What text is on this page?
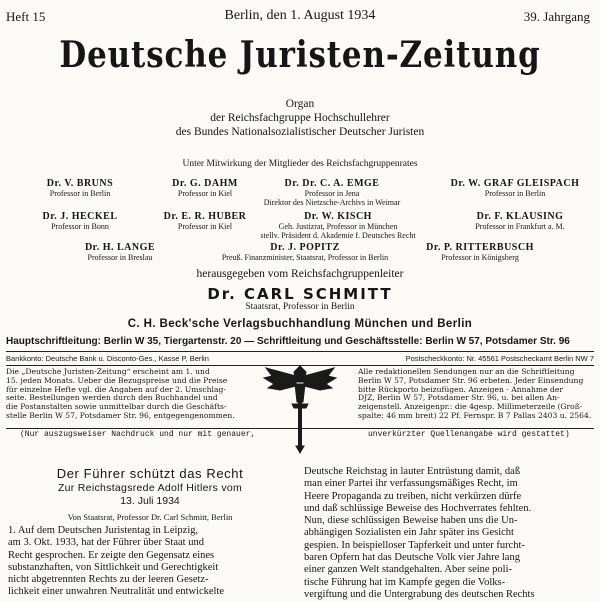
Heft 15	Berlin, den 1. August 1934	39. Jahrgang
Deutsche Juristen-Zeitung
Organ
der Reichsfachgruppe Hochschullehrer
des Bundes Nationalsozialistischer Deutscher Juristen
Unter Mitwirkung der Mitglieder des Reichsfachgruppenrates
Dr. V. BRUNS
Professor in Berlin
Dr. G. DAHM
Professor in Kiel
Dr. Dr. C. A. EMGE
Professor in Jena
Direktor des Nietzsche-Archivs in Weimar
Dr. W. GRAF GLEISPACH
Professor in Berlin
Dr. J. HECKEL
Professor in Bonn
Dr. E. R. HUBER
Professor in Kiel
Dr. W. KISCH
Geh. Justizrat, Professor in München
stellv. Präsident d. Akademie f. Deutsches Recht
Dr. F. KLAUSING
Professor in Frankfurt a. M.
Dr. H. LANGE
Professor in Breslau
Dr. J. POPITZ
Preuß. Finanzminister, Staatsrat, Professor in Berlin
Dr. P. RITTERBUSCH
Professor in Königsberg
herausgegeben vom Reichsfachgruppenleiter
Dr. CARL SCHMITT
Staatsrat, Professor in Berlin
C. H. Beck'sche Verlagsbuchhandlung München und Berlin
Hauptschriftleitung: Berlin W 35, Tiergartenstr. 20 — Schriftleitung und Geschäftsstelle: Berlin W 57, Potsdamer Str. 96
Bankkonto: Deutsche Bank u. Disconto-Ges., Kasse P, Berlin	Postscheckkonto: Nr. 45561 Postscheckamt Berlin NW 7
Die „Deutsche Juristen-Zeitung“ erscheint am 1. und
15. jeden Monats. Ueber die Bezugspreise und die Preise
für einzelne Hefte vgl. die Angaben auf der 2. Umschlag-
seite. Bestellungen werden durch den Buchhandel und
die Postanstalten sowie unmittelbar durch die Geschäfts-
stelle Berlin W 57, Potsdamer Str. 96, entgegengenommen.
Alle redaktionellen Sendungen nur an die Schriftleitung
Berlin W 57, Potsdamer Str. 96 erbeten. Jeder Einsendung
bitte Rückporto beizufügen. Anzeigen - Annahme der
DJZ, Berlin W 57, Potsdamer Str. 96, u. bei allen An-
zeigenstell. Anzeigenpr.: die 4gesp. Millimeterzeile (Groß-
spalte: 46 mm breit) 22 Pf. Fernspr. B 7 Pallas 2403 u. 2564.
(Nur auszugsweiser Nachdruck und nur mit genauer,	unverkürzter Quellenangabe wird gestattet)
Der Führer schützt das Recht
Zur Reichstagsrede Adolf Hitlers vom
13. Juli 1934
Von Staatsrat, Professor Dr. Carl Schmitt, Berlin
1. Auf dem Deutschen Juristentag in Leipzig,
am 3. Okt. 1933, hat der Führer über Staat und
Recht gesprochen. Er zeigte den Gegensatz eines
substanzhaften, von Sittlichkeit und Gerechtigkeit
nicht abgetrennten Rechts zu der leeren Gesetz-
lichkeit einer unwahren Neutralität und entwickelte
Deutsche Reichstag in lauter Entrüstung damit, daß
man einer Partei ihr verfassungsmäßiges Recht, im
Heere Propaganda zu treiben, nicht verkürzen dürfe
und daß schlüssige Beweise des Hochverrates fehlten.
Nun, diese schlüssigen Beweise haben uns die Un-
abhängigen Sozialisten ein Jahr später ins Gesicht
gespien. In beispielloser Tapferkeit und unter furcht-
baren Opfern hat das Deutsche Volk vier Jahre lang
einer ganzen Welt standgehalten. Aber seine poli-
tische Führung hat im Kampfe gegen die Volks-
vergiftung und die Untergrabung des deutschen Rechts
